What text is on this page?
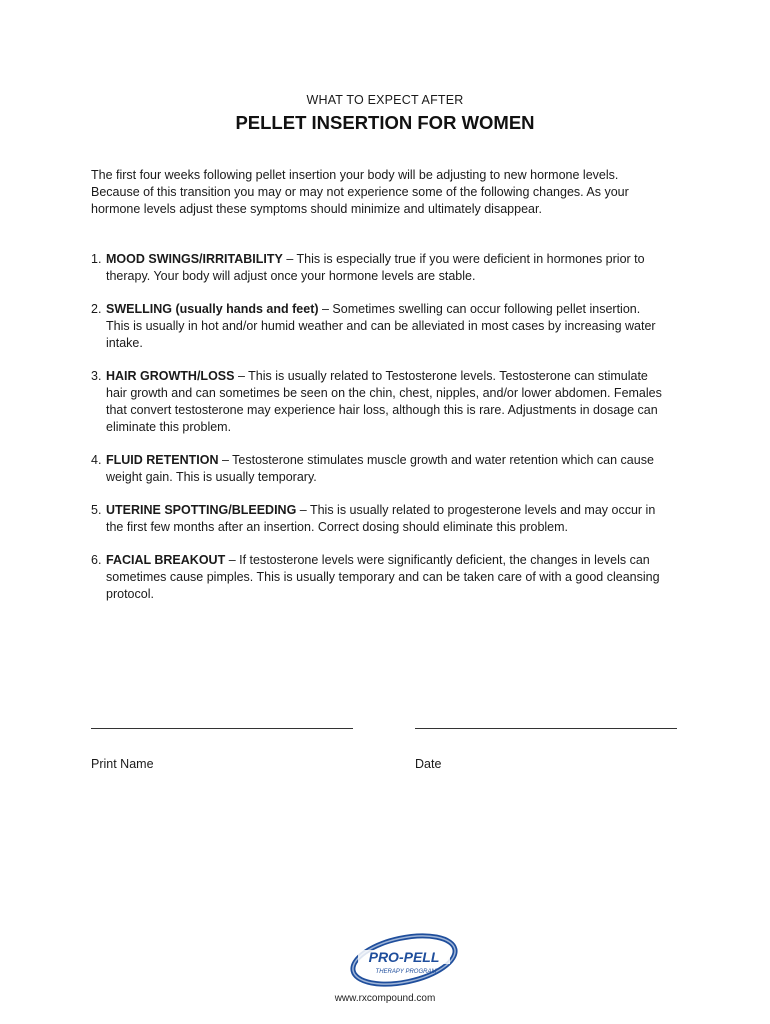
WHAT TO EXPECT AFTER
PELLET INSERTION FOR WOMEN
The first four weeks following pellet insertion your body will be adjusting to new hormone levels. Because of this transition you may or may not experience some of the following changes. As your hormone levels adjust these symptoms should minimize and ultimately disappear.
1. MOOD SWINGS/IRRITABILITY – This is especially true if you were deficient in hormones prior to therapy. Your body will adjust once your hormone levels are stable.
2. SWELLING (usually hands and feet) – Sometimes swelling can occur following pellet insertion. This is usually in hot and/or humid weather and can be alleviated in most cases by increasing water intake.
3. HAIR GROWTH/LOSS – This is usually related to Testosterone levels. Testosterone can stimulate hair growth and can sometimes be seen on the chin, chest, nipples, and/or lower abdomen. Females that convert testosterone may experience hair loss, although this is rare. Adjustments in dosage can eliminate this problem.
4. FLUID RETENTION – Testosterone stimulates muscle growth and water retention which can cause weight gain. This is usually temporary.
5. UTERINE SPOTTING/BLEEDING – This is usually related to progesterone levels and may occur in the first few months after an insertion. Correct dosing should eliminate this problem.
6. FACIAL BREAKOUT – If testosterone levels were significantly deficient, the changes in levels can sometimes cause pimples. This is usually temporary and can be taken care of with a good cleansing protocol.
Print Name	Date
PRO-PELL
THERAPY PROGRAM
www.rxcompound.com
